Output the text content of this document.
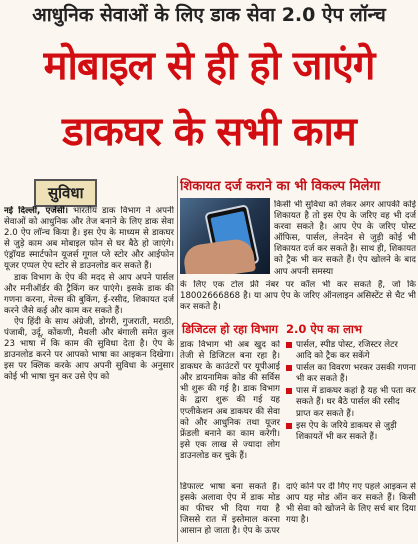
आधुनिक सेवाओं के लिए डाक सेवा 2.0 ऐप लॉन्च
मोबाइल से ही हो जाएंगे
डाकघर के सभी काम
सुविधा

नई दिल्ली, एजेंसी। भारतीय डाक विभाग ने अपनी सेवाओं को आधुनिक और तेज बनाने के लिए डाक सेवा 2.0 ऐप लॉन्च किया है। इस ऐप के माध्यम से डाकघर से जुड़े काम अब मोबाइल फोन से घर बैठे हो जाएंगे। एंड्रॉयड स्मार्टफोन यूजर्स गूगल प्ले स्टोर और आईफोन यूजर एप्पल ऐप स्टोर से डाउनलोड कर सकते हैं।

डाक विभाग के ऐप की मदद से आप अपने पार्सल और मनीऑर्डर की ट्रैकिंग कर पाएंगे। इसके डाक की गणना करना, मेल्स की बुकिंग, ई-रसीद, शिकायत दर्ज करने जैसे कई और काम कर सकते हैं।

ऐप हिंदी के साथ अंग्रेजी, डोगरी, गुजराती, मराठी, पंजाबी, उर्दू, कोंकणी, मैथली और बंगाली समेत कुल 23 भाषा में कि काम की सुविधा देता है। ऐप के डाउनलोड करने पर आपको भाषा का आइकन दिखेगा। इस पर क्लिक करके आप अपनी सुविधा के अनुसार कोई भी भाषा चुन कर उसे ऐप को

शिकायत दर्ज कराने का भी विकल्प मिलेगा
किसी भी सुविधा को लेकर अगर आपकी कोई शिकायत है तो इस ऐप के जरिए वह भी दर्ज करवा सकते है। आप ऐप के जरिए पोस्ट ऑफिस, पार्सल, लेनदेन से जुड़ी कोई भी शिकायत दर्ज कर सकते है। साथ ही, शिकायत को ट्रैक भी कर सकते हैं। ऐप खोलने के बाद आप अपनी समस्या
के लिए एक टोल फ्री नंबर पर कॉल भी कर सकते हैं, जो कि 18002666868 है। या आप ऐप के जरिए ऑनलाइन असिस्टेंट से चैट भी कर सकते है।
डिजिटल हो रहा विभाग
डाक विभाग भी अब खुद को तेजी से डिजिटल बना रहा है। डाकघर के काउंटरों पर यूपीआई और डायनामिक कोड की सर्विस भी शुरू की गई है। डाक विभाग के द्वारा शुरू की गई यह एप्लीकेशन अब डाकघर की सेवा को और आधुनिक तथा यूजर फ्रेंडली बनाने का काम करेगी। इसे एक लाख से ज्यादा लोग डाउनलोड कर चुके हैं।
2.0 ऐप का लाभ
पार्सल, स्पीड पोस्ट, रजिस्टर लेटर आदि को ट्रैक कर सकेंगे
पार्सल का विवरण भरकर उसकी गणना भी कर सकते हैं।
पास में डाकघर कहां है यह भी पता कर सकते हैं। घर बैठे पार्सल की रसीद प्राप्त कर सकते हैं।
इस ऐप के जरिये डाकघर से जुड़ी शिकायतें भी कर सकते हैं।
डिफाल्ट भाषा बना सकते हैं। इसके अलावा ऐप में डाक मोड का फीचर भी दिया गया है जिससे रात में इस्तेमाल करना आसान हो जाता है। ऐप के ऊपर
दाएं कोने पर दी गिए गए पहले आइकन से आप यह मोड ऑन कर सकते हैं। किसी भी सेवा को खोजने के लिए सर्च बार दिया गया है।
